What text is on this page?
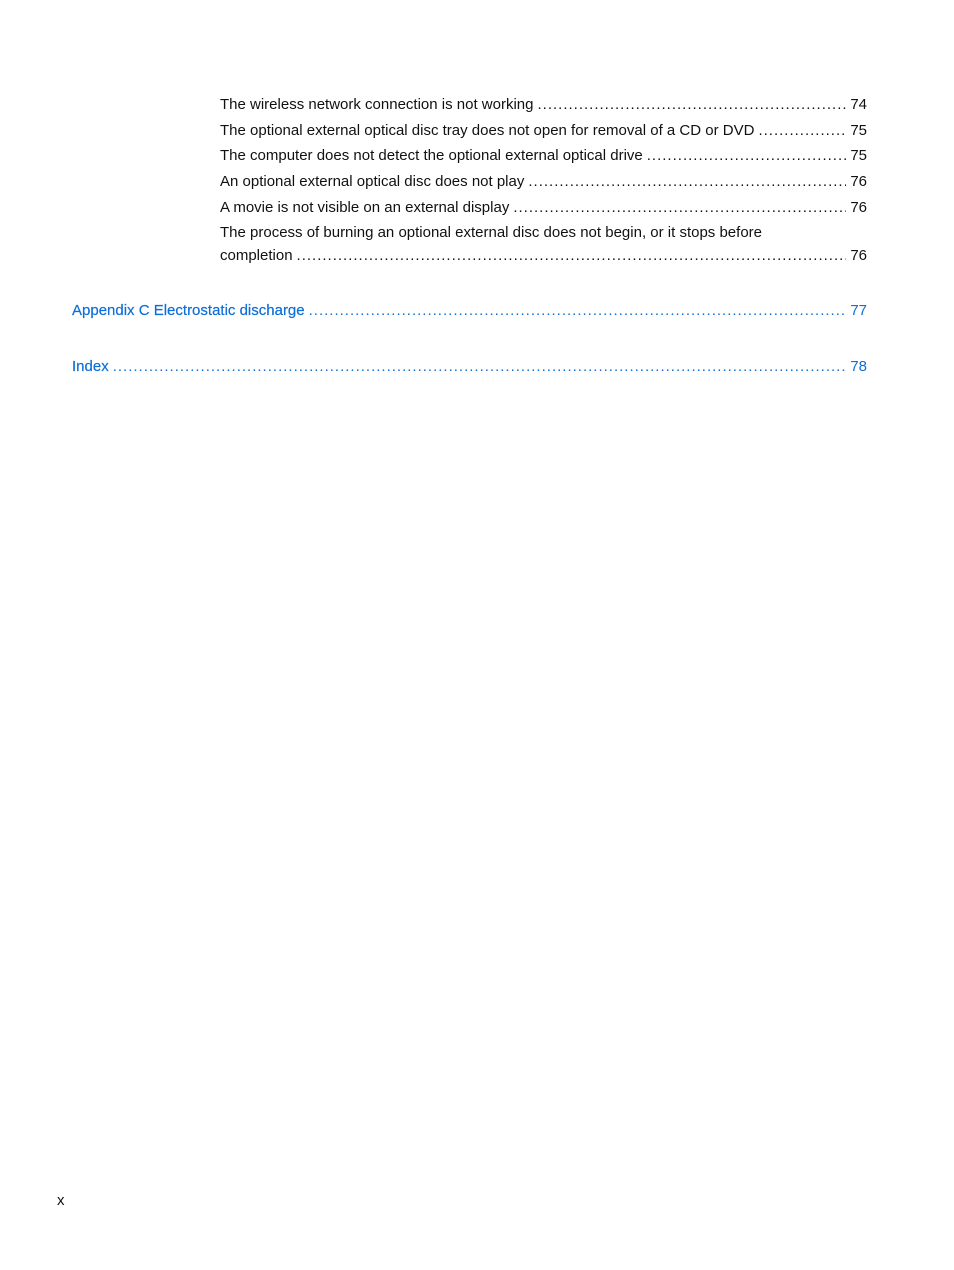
The wireless network connection is not working .....	74
The optional external optical disc tray does not open for removal of a CD or DVD .....	75
The computer does not detect the optional external optical drive .....	75
An optional external optical disc does not play .....	76
A movie is not visible on an external display .....	76
The process of burning an optional external disc does not begin, or it stops before
completion .....	76
Appendix C Electrostatic discharge .....	77
Index .....	78
x
